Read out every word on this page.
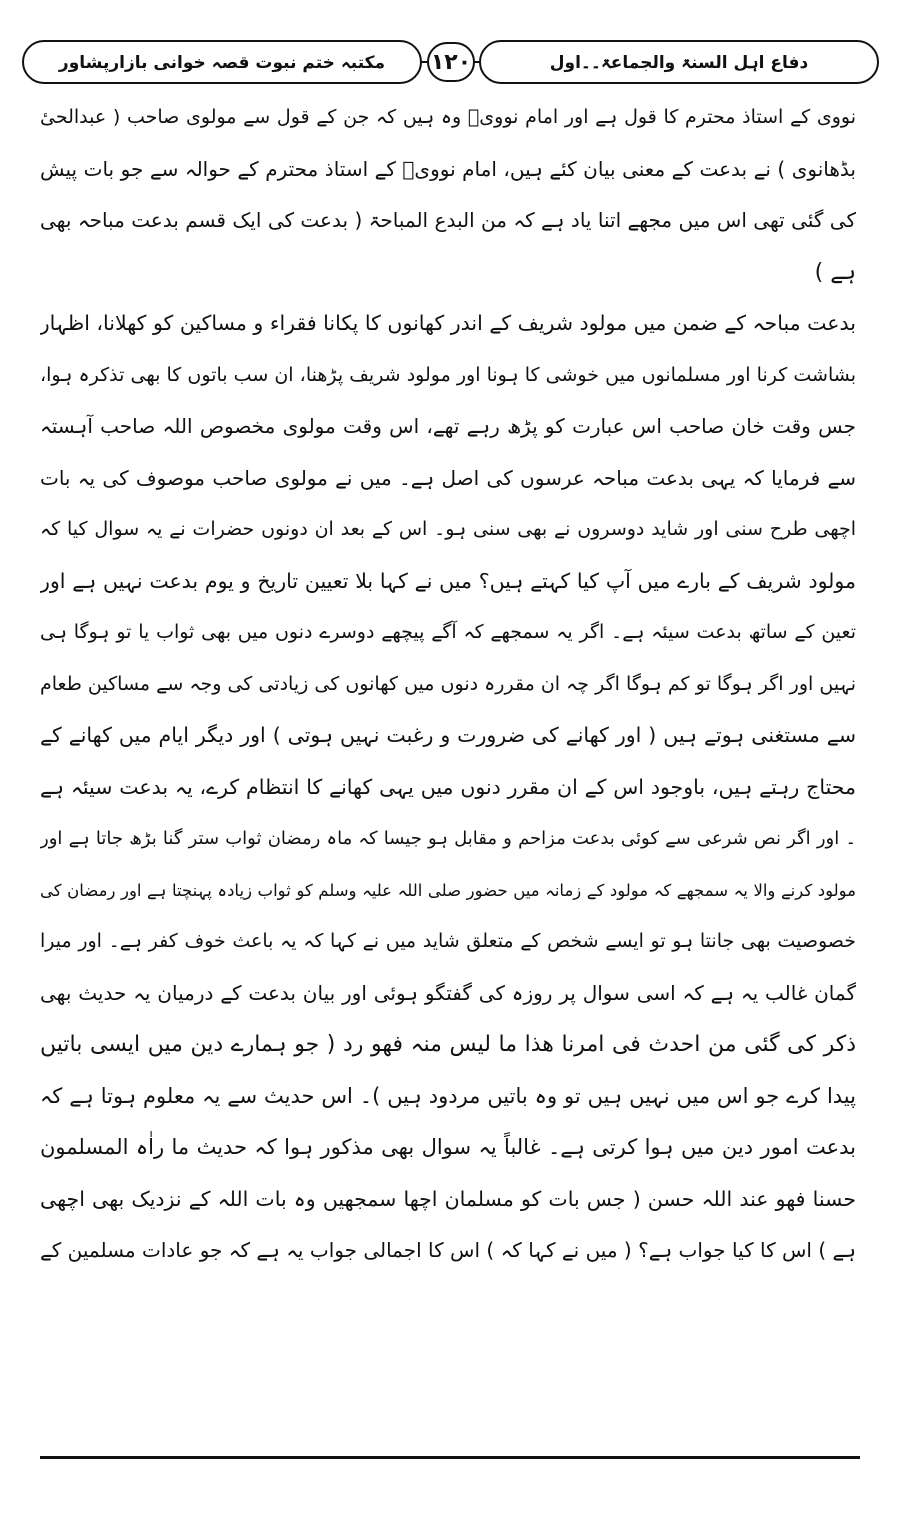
دفاع اہل السنۃ والجماعۃ۔۔اول
مکتبہ ختم نبوت قصہ خوانی بازارپشاور	۱۲۰
نووی کے استاذ محترم کا قول ہے اور امام نوویؒ وہ ہیں کہ جن کے قول سے مولوی صاحب ( عبدالحیٔ
بڈھانوی ) نے بدعت کے معنی بیان کئے ہیں، امام نوویؒ کے استاذ محترم کے حوالہ سے جو بات پیش
کی گئی تھی اس میں مجھے اتنا یاد ہے کہ من البدع المباحۃ ( بدعت کی ایک قسم بدعت مباحہ بھی
ہے )
بدعت مباحہ کے ضمن میں مولود شریف کے اندر کھانوں کا پکانا فقراء و مساکین کو کھلانا، اظہار
بشاشت کرنا اور مسلمانوں میں خوشی کا ہونا اور مولود شریف پڑھنا، ان سب باتوں کا بھی تذکرہ ہوا،
جس وقت خان صاحب اس عبارت کو پڑھ رہے تھے، اس وقت مولوی مخصوص اللہ صاحب آہستہ
سے فرمایا کہ یہی بدعت مباحہ عرسوں کی اصل ہے۔ میں نے مولوی صاحب موصوف کی یہ بات
اچھی طرح سنی اور شاید دوسروں نے بھی سنی ہو۔ اس کے بعد ان دونوں حضرات نے یہ سوال کیا کہ
مولود شریف کے بارے میں آپ کیا کہتے ہیں؟ میں نے کہا بلا تعیین تاریخ و یوم بدعت نہیں ہے اور
تعین کے ساتھ بدعت سیئہ ہے۔ اگر یہ سمجھے کہ آگے پیچھے دوسرے دنوں میں بھی ثواب یا تو ہوگا ہی
نہیں اور اگر ہوگا تو کم ہوگا اگر چہ ان مقررہ دنوں میں کھانوں کی زیادتی کی وجہ سے مساکین طعام
سے مستغنی ہوتے ہیں ( اور کھانے کی ضرورت و رغبت نہیں ہوتی ) اور دیگر ایام میں کھانے کے
محتاج رہتے ہیں، باوجود اس کے ان مقرر دنوں میں یہی کھانے کا انتظام کرے، یہ بدعت سیئہ ہے
۔ اور اگر نص شرعی سے کوئی بدعت مزاحم و مقابل ہو جیسا کہ ماہ رمضان ثواب ستر گنا بڑھ جاتا ہے اور
مولود کرنے والا یہ سمجھے کہ مولود کے زمانہ میں حضور صلی اللہ علیہ وسلم کو ثواب زیادہ پہنچتا ہے اور رمضان کی
خصوصیت بھی جانتا ہو تو ایسے شخص کے متعلق شاید میں نے کہا کہ یہ باعث خوف کفر ہے۔ اور میرا
گمان غالب یہ ہے کہ اسی سوال پر روزہ کی گفتگو ہوئی اور بیان بدعت کے درمیان یہ حدیث بھی
ذکر کی گئی من احدث فی امرنا ھذا ما لیس منہ فھو رد ( جو ہمارے دین میں ایسی باتیں
پیدا کرے جو اس میں نہیں ہیں تو وہ باتیں مردود ہیں )۔ اس حدیث سے یہ معلوم ہوتا ہے کہ
بدعت امور دین میں ہوا کرتی ہے۔ غالباً یہ سوال بھی مذکور ہوا کہ حدیث ما راٰہ المسلمون
حسنا فھو عند اللہ حسن ( جس بات کو مسلمان اچھا سمجھیں وہ بات اللہ کے نزدیک بھی اچھی
ہے ) اس کا کیا جواب ہے؟ ( میں نے کہا کہ ) اس کا اجمالی جواب یہ ہے کہ جو عادات مسلمین کے
